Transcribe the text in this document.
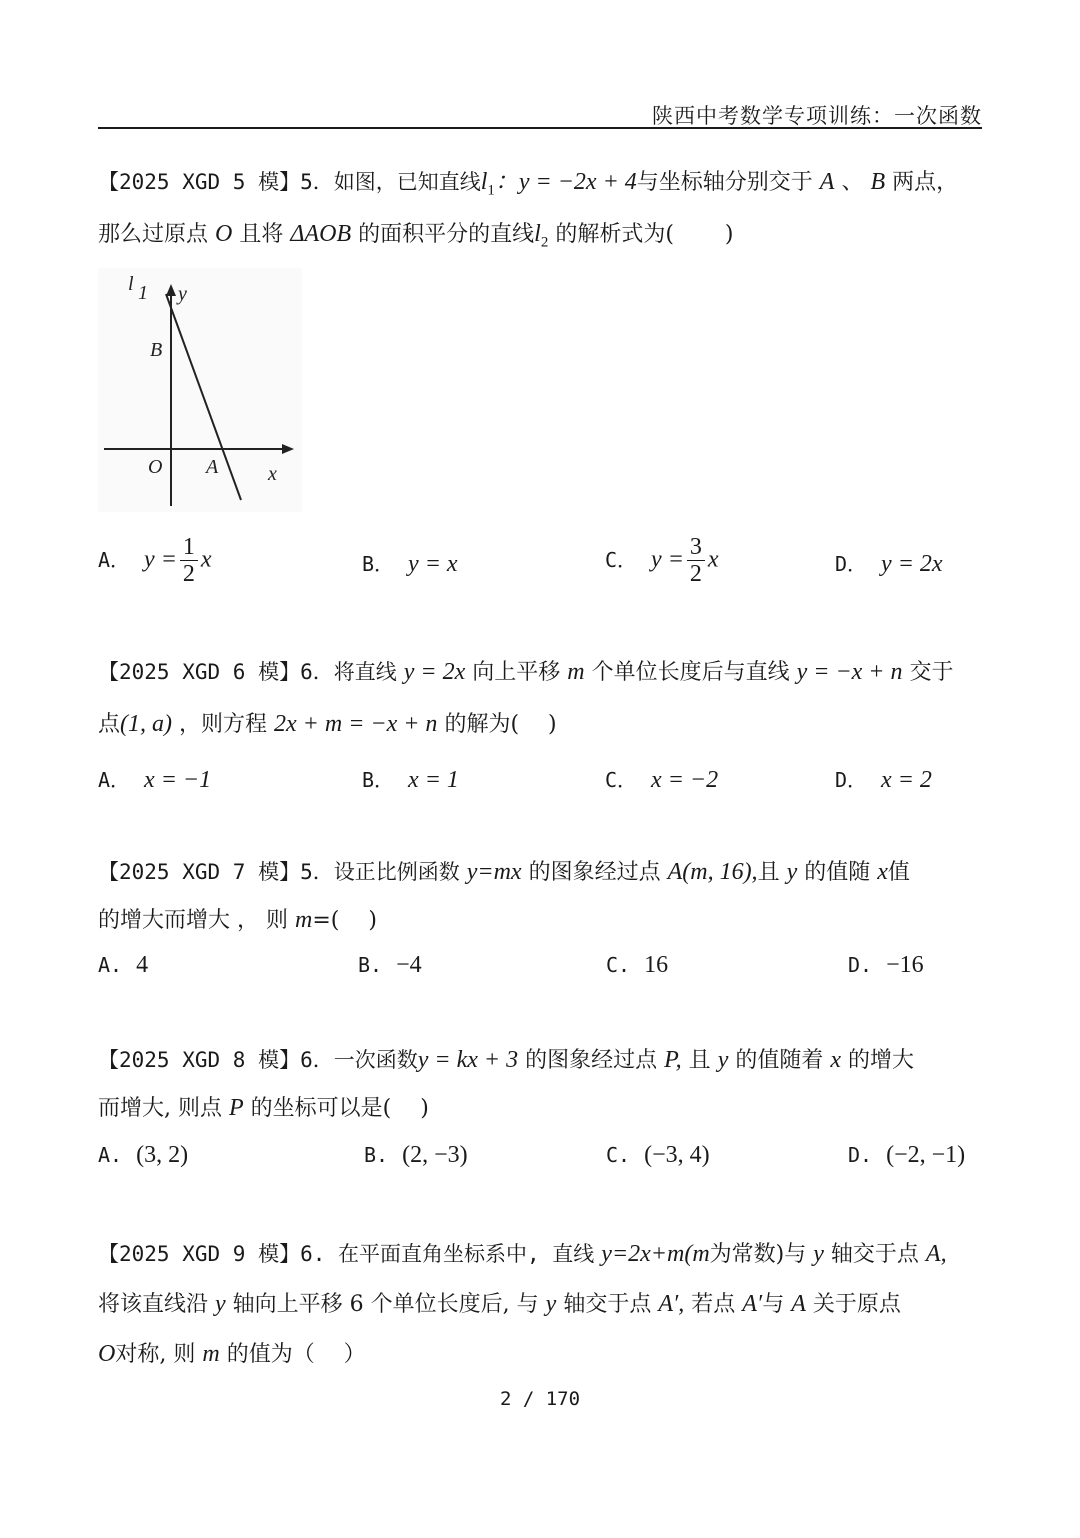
陕西中考数学专项训练：一次函数
【2025 XGD 5 模】5．如图，已知直线$l_1$：y = −2x + 4与坐标轴分别交于 A 、 B 两点，
那么过原点 O 且将 ΔAOB 的面积平分的直线$l_2$ 的解析式为(　　 )
l 1 y
B
O A x
A． $y = \frac{1}{2}$ x	B． y = x	C． $y = \frac{3}{2}$ x	D． y = 2x
【2025 XGD 6 模】6．将直线 y = 2x 向上平移 m 个单位长度后与直线 y = −x + n 交于
点(1, a) ，则方程 2x + m = −x + n 的解为(　 )
A． x = −1	B． x = 1	C． x = −2	D． x = 2
【2025 XGD 7 模】5．设正比例函数 y=mx 的图象经过点 A(m, 16),且 y 的值随 x值
的增大而增大 ， 则 m=(　 )
A. 4	B. −4	C. 16	D. −16
【2025 XGD 8 模】6．一次函数y = kx + 3 的图象经过点 P, 且 y 的值随着 x 的增大
而增大, 则点 P 的坐标可以是(　 )
A. (3, 2)	B. (2, −3)	C. (−3, 4)	D. (−2, −1)
【2025 XGD 9 模】6. 在平面直角坐标系中, 直线 y=2x+m(m为常数)与 y 轴交于点 A,
将该直线沿 y 轴向上平移 6 个单位长度后, 与 y 轴交于点 A′, 若点 A′与 A 关于原点
O对称, 则 m 的值为（　 ）
2 / 170
